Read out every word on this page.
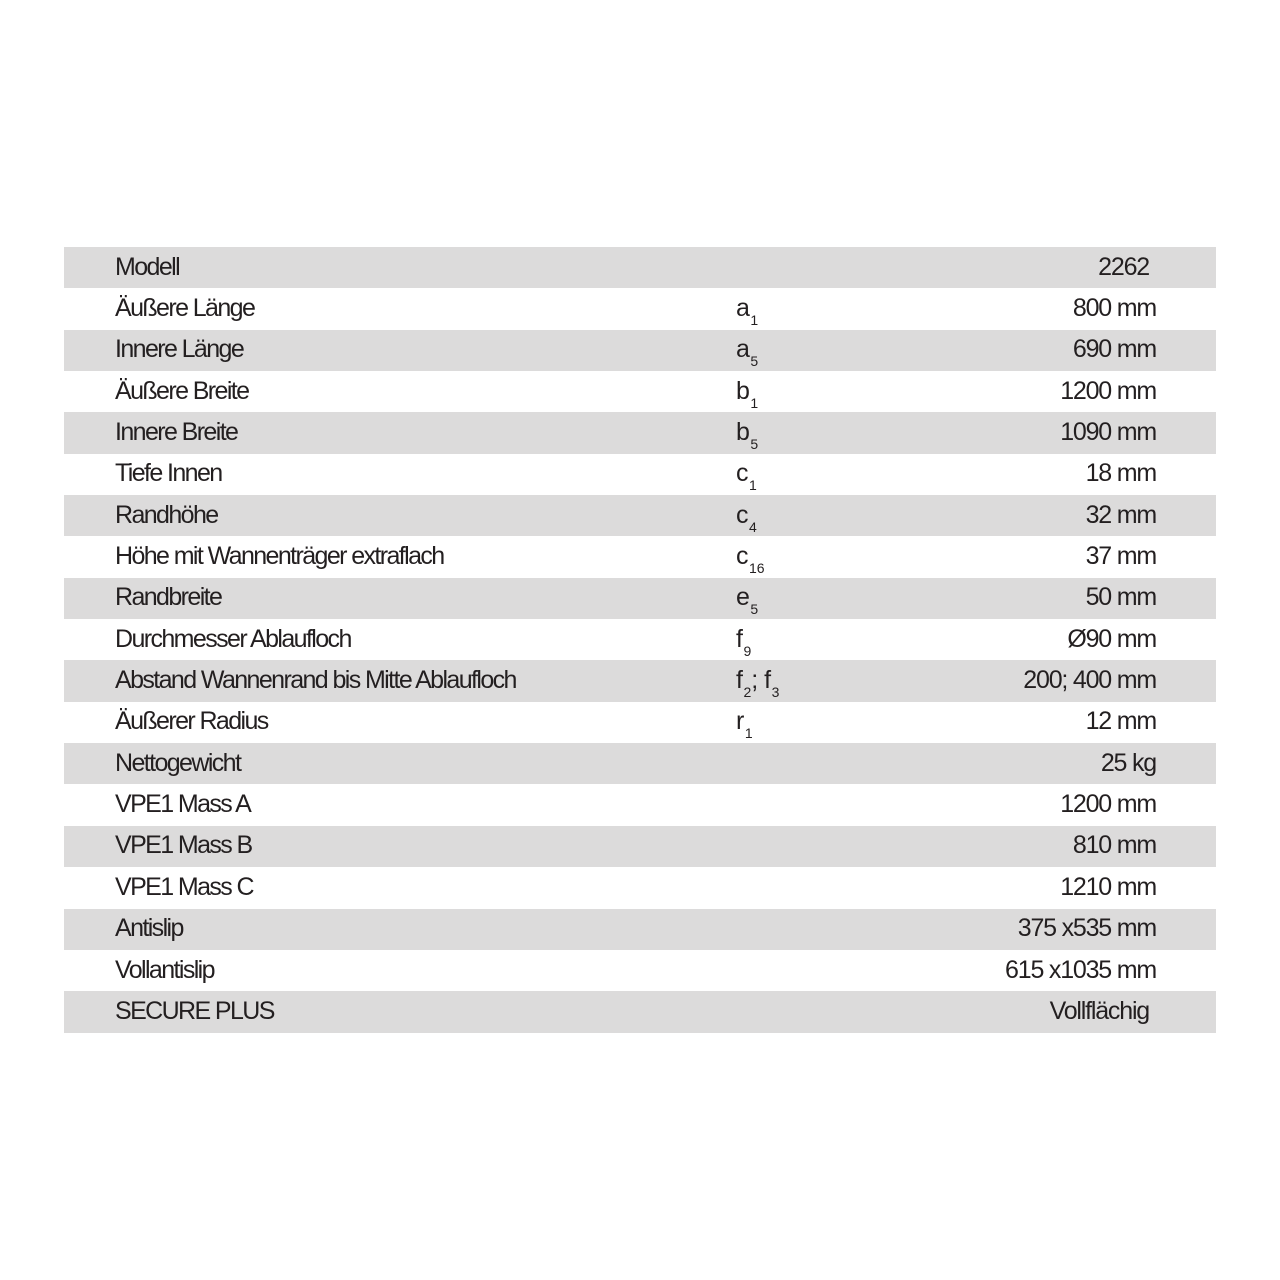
Modell	2262
Äußere Länge	$a_1$	800 mm
Innere Länge	$a_5$	690 mm
Äußere Breite	$b_1$	1200 mm
Innere Breite	$b_5$	1090 mm
Tiefe Innen	$c_1$	18 mm
Randhöhe	$c_4$	32 mm
Höhe mit Wannenträger extraflach	$c_{16}$	37 mm
Randbreite	$e_5$	50 mm
Durchmesser Ablaufloch	$f_9$	Ø90 mm
Abstand Wannenrand bis Mitte Ablaufloch	$f_2$; $f_3$	200; 400 mm
Äußerer Radius	$r_1$	12 mm
Nettogewicht	25 kg
VPE1 Mass A	1200 mm
VPE1 Mass B	810 mm
VPE1 Mass C	1210 mm
Antislip	375 x535 mm
Vollantislip	615 x1035 mm
SECURE PLUS	Vollflächig
